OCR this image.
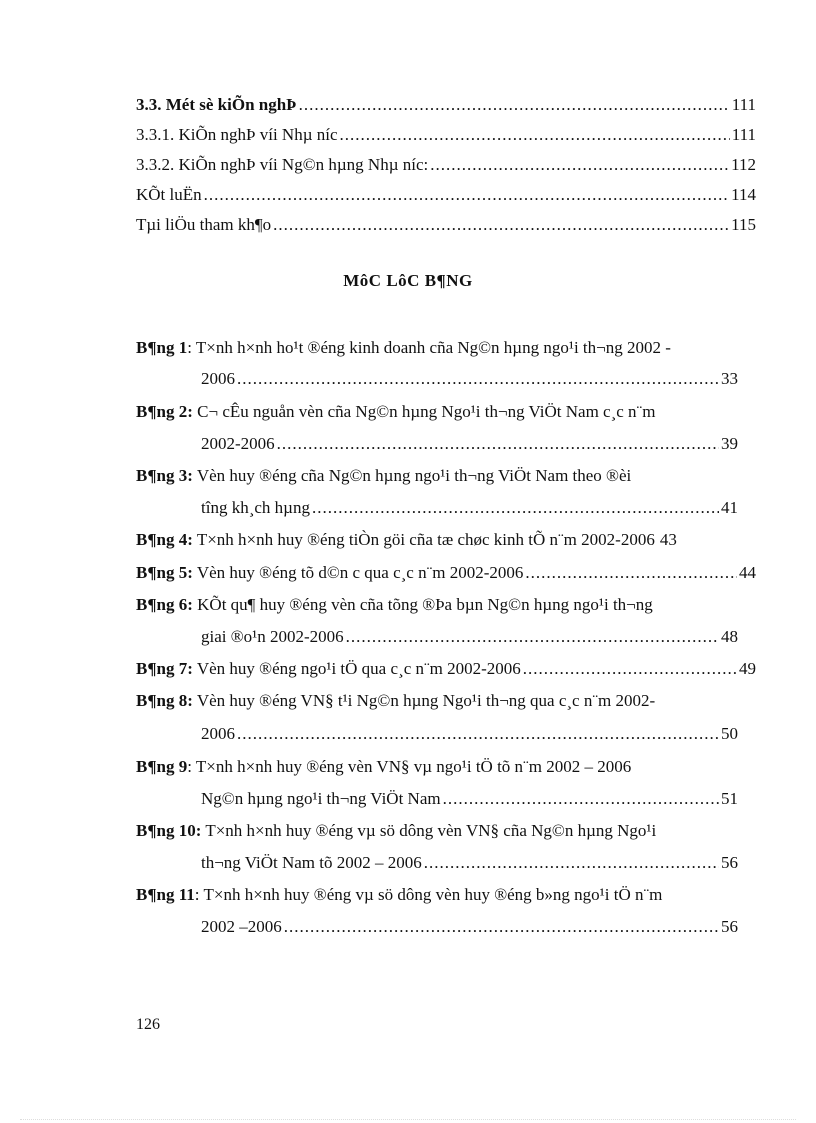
3.3. Mét sè kiÕn nghÞ .....	111
3.3.1. KiÕn nghÞ víi Nhµ níc .....	111
3.3.2. KiÕn nghÞ víi Ng©n hµng Nhµ níc: .....	112
KÕt luËn .....	114
Tµi liÖu tham kh¶o .....	115
MôC LôC B¶NG
B¶ng 1: T×nh h×nh ho¹t ®éng kinh doanh cña Ng©n hµng ngo¹i th¬ng 2002 -
2006 .....	33
B¶ng 2: C¬ cÊu nguån vèn cña Ng©n hµng Ngo¹i th¬ng ViÖt Nam c¸c n¨m
2002-2006 .....	39
B¶ng 3: Vèn huy ®éng cña Ng©n hµng ngo¹i th¬ng ViÖt Nam theo ®èi
tîng kh¸ch hµng .....	41
B¶ng 4: T×nh h×nh huy ®éng tiÒn göi cña tæ chøc kinh tÕ n¨m 2002-2006 43
B¶ng 5: Vèn huy ®éng tõ d©n c qua c¸c n¨m 2002-2006 .....	44
B¶ng 6: KÕt qu¶ huy ®éng vèn cña tõng ®Þa bµn Ng©n hµng ngo¹i th¬ng
giai ®o¹n 2002-2006 .....	48
B¶ng 7: Vèn huy ®éng ngo¹i tÖ qua c¸c n¨m 2002-2006 .....	49
B¶ng 8: Vèn huy ®éng VN§ t¹i Ng©n hµng Ngo¹i th¬ng qua c¸c n¨m 2002-
2006 .....	50
B¶ng 9: T×nh h×nh huy ®éng vèn VN§ vµ ngo¹i tÖ tõ n¨m 2002 – 2006
Ng©n hµng ngo¹i th¬ng ViÖt Nam .....	51
B¶ng 10: T×nh h×nh huy ®éng vµ sö dông vèn VN§ cña Ng©n hµng Ngo¹i
th¬ng ViÖt Nam tõ 2002 – 2006 .....	56
B¶ng 11: T×nh h×nh huy ®éng vµ sö dông vèn huy ®éng b»ng ngo¹i tÖ n¨m
2002 –2006 .....	56
126
